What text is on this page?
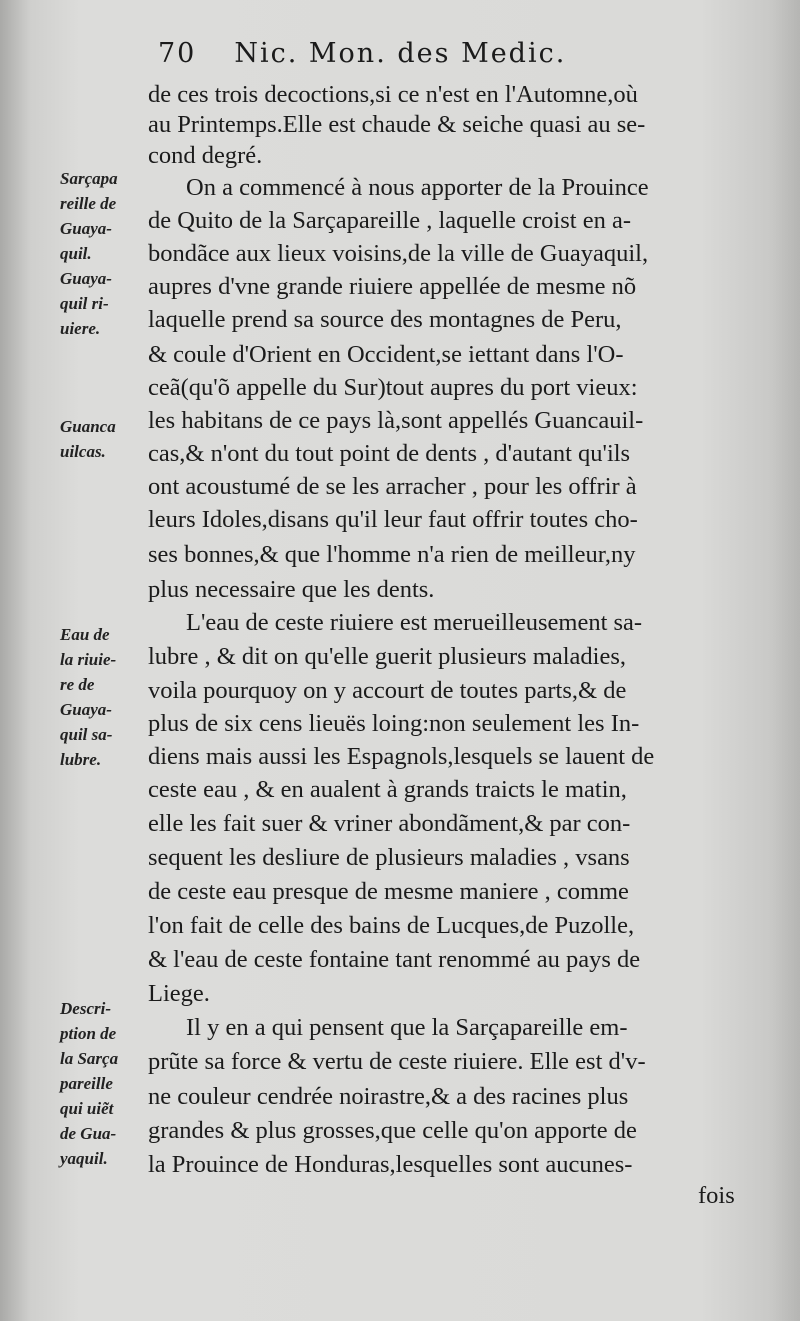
70 Nic. Mon. des Medic.
de ces trois decoctions,si ce n'est en l'Automne,où
au Printemps.Elle est chaude & seiche quasi au se-
cond degré.
On a commencé à nous apporter de la Prouince
de Quito de la Sarçapareille , laquelle croist en a-
bondãce aux lieux voisins,de la ville de Guayaquil,
aupres d'vne grande riuiere appellée de mesme nõ
laquelle prend sa source des montagnes de Peru,
& coule d'Orient en Occident,se iettant dans l'O-
ceã(qu'õ appelle du Sur)tout aupres du port vieux:
les habitans de ce pays là,sont appellés Guancauil-
cas,& n'ont du tout point de dents , d'autant qu'ils
ont acoustumé de se les arracher , pour les offrir à
leurs Idoles,disans qu'il leur faut offrir toutes cho-
ses bonnes,& que l'homme n'a rien de meilleur,ny
plus necessaire que les dents.
L'eau de ceste riuiere est merueilleusement sa-
lubre , & dit on qu'elle guerit plusieurs maladies,
voila pourquoy on y accourt de toutes parts,& de
plus de six cens lieuës loing:non seulement les In-
diens mais aussi les Espagnols,lesquels se lauent de
ceste eau , & en aualent à grands traicts le matin,
elle les fait suer & vriner abondãment,& par con-
sequent les desliure de plusieurs maladies , vsans
de ceste eau presque de mesme maniere , comme
l'on fait de celle des bains de Lucques,de Puzolle,
& l'eau de ceste fontaine tant renommé au pays de
Liege.
Il y en a qui pensent que la Sarçapareille em-
prũte sa force & vertu de ceste riuiere. Elle est d'v-
ne couleur cendrée noirastre,& a des racines plus
grandes & plus grosses,que celle qu'on apporte de
la Prouince de Honduras,lesquelles sont aucunes-
fois
Sarçapa
reille de
Guaya-
quil.
Guaya-
quil ri-
uiere.
Guanca
uilcas.
Eau de
la riuie-
re de
Guaya-
quil sa-
lubre.
Descri-
ption de
la Sarça
pareille
qui uiẽt
de Gua-
yaquil.
